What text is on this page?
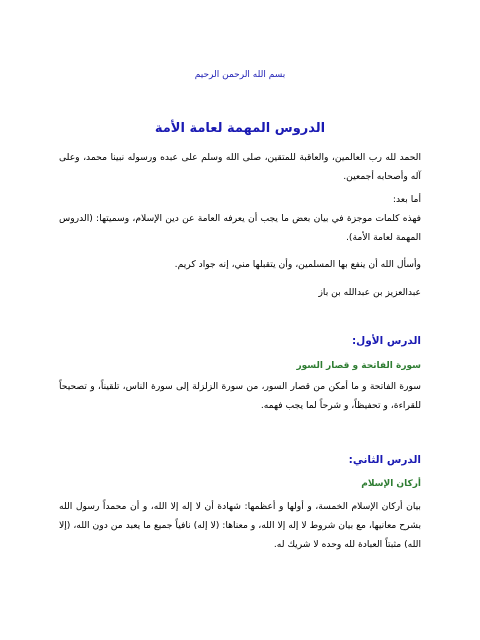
بسم الله الرحمن الرحيم

الدروس المهمة لعامة الأمة

الحمد لله رب العالمين، والعاقبة للمتقين، صلى الله وسلم على عبده ورسوله نبينا محمد، وعلى آله وأصحابه أجمعين.

أما بعد:

فهذه كلمات موجزة في بيان بعض ما يجب أن يعرفه العامة عن دين الإسلام، وسميتها: (الدروس المهمة لعامة الأمة).

وأسأل الله أن ينفع بها المسلمين، وأن يتقبلها مني، إنه جواد كريم.

عبدالعزيز بن عبدالله بن باز

الدرس الأول:
سورة الفاتحة و قصار السور

سورة الفاتحة و ما أمكن من قصار السور، من سورة الزلزلة إلى سورة الناس، تلقيناً، و تصحيحاً للقراءة، و تحفيظاً، و شرحاً لما يجب فهمه.

الدرس الثاني:
أركان الإسلام

بيان أركان الإسلام الخمسة، و أولها و أعظمها: شهادة أن لا إله إلا الله، و أن محمداً رسول الله بشرح معانيها، مع بيان شروط لا إله إلا الله، و معناها: (لا إله) نافياً جميع ما يعبد من دون الله، (إلا الله) مثبتاً العبادة لله وحده لا شريك له.
